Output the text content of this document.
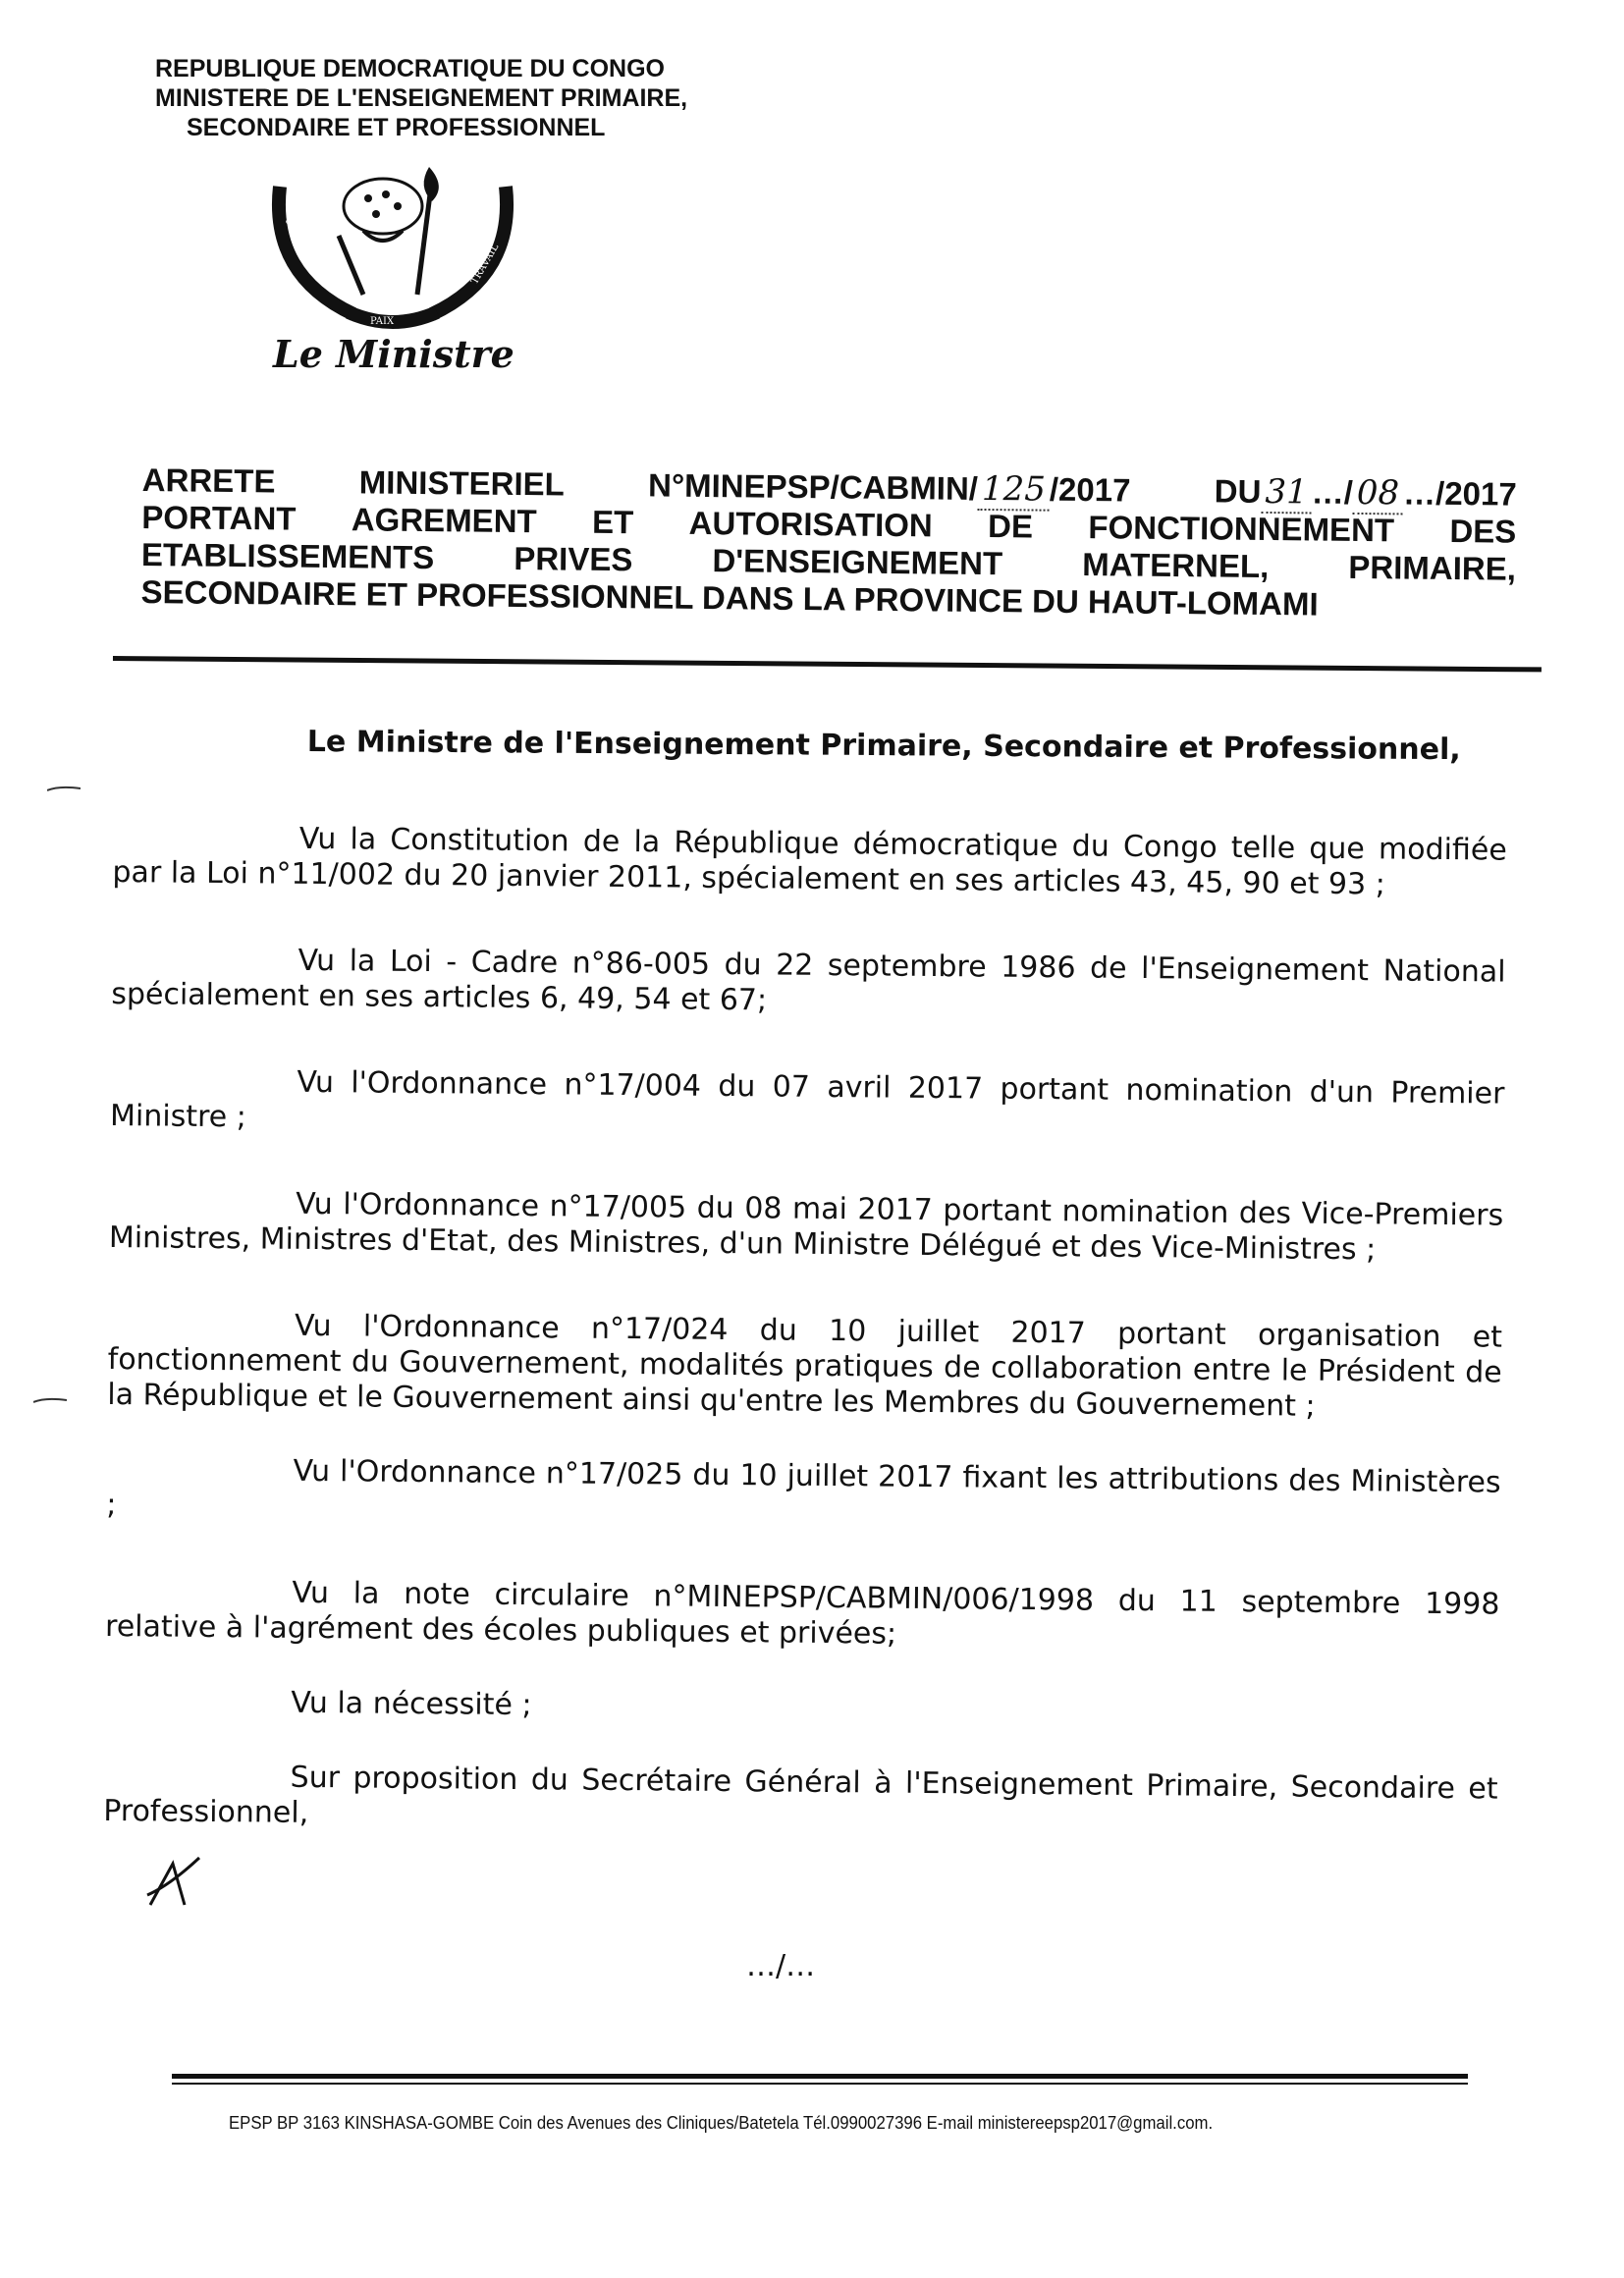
REPUBLIQUE DEMOCRATIQUE DU CONGO
MINISTERE DE L'ENSEIGNEMENT PRIMAIRE,
SECONDAIRE ET PROFESSIONNEL
JUSTICE
PAIX
TRAVAIL
Le Ministre
ARRETE	MINISTERIEL	N°MINEPSP/CABMIN/ 125 /2017	DU 31 …/ 08 …/2017
PORTANT AGREMENT ET AUTORISATION DE FONCTIONNEMENT DES
ETABLISSEMENTS PRIVES D'ENSEIGNEMENT MATERNEL, PRIMAIRE,
SECONDAIRE ET PROFESSIONNEL DANS LA PROVINCE DU HAUT-LOMAMI
Le Ministre de l'Enseignement Primaire, Secondaire et Professionnel,

Vu la Constitution de la République démocratique du Congo telle que modifiée par la Loi n°11/002 du 20 janvier 2011, spécialement en ses articles 43, 45, 90 et 93 ;

Vu la Loi - Cadre n°86-005 du 22 septembre 1986 de l'Enseignement National spécialement en ses articles 6, 49, 54 et 67;

Vu l'Ordonnance n°17/004 du 07 avril 2017 portant nomination d'un Premier Ministre ;

Vu l'Ordonnance n°17/005 du 08 mai 2017 portant nomination des Vice-Premiers Ministres, Ministres d'Etat, des Ministres, d'un Ministre Délégué et des Vice-Ministres ;

Vu l'Ordonnance n°17/024 du 10 juillet 2017 portant organisation et fonctionnement du Gouvernement, modalités pratiques de collaboration entre le Président de la République et le Gouvernement ainsi qu'entre les Membres du Gouvernement ;

Vu l'Ordonnance n°17/025 du 10 juillet 2017 fixant les attributions des Ministères ;

Vu la note circulaire n°MINEPSP/CABMIN/006/1998 du 11 septembre 1998 relative à l'agrément des écoles publiques et privées;

Vu la nécessité ;

Sur proposition du Secrétaire Général à l'Enseignement Primaire, Secondaire et Professionnel,

…/…
EPSP BP 3163 KINSHASA-GOMBE Coin des Avenues des Cliniques/Batetela Tél.0990027396 E-mail ministereepsp2017@gmail.com.
